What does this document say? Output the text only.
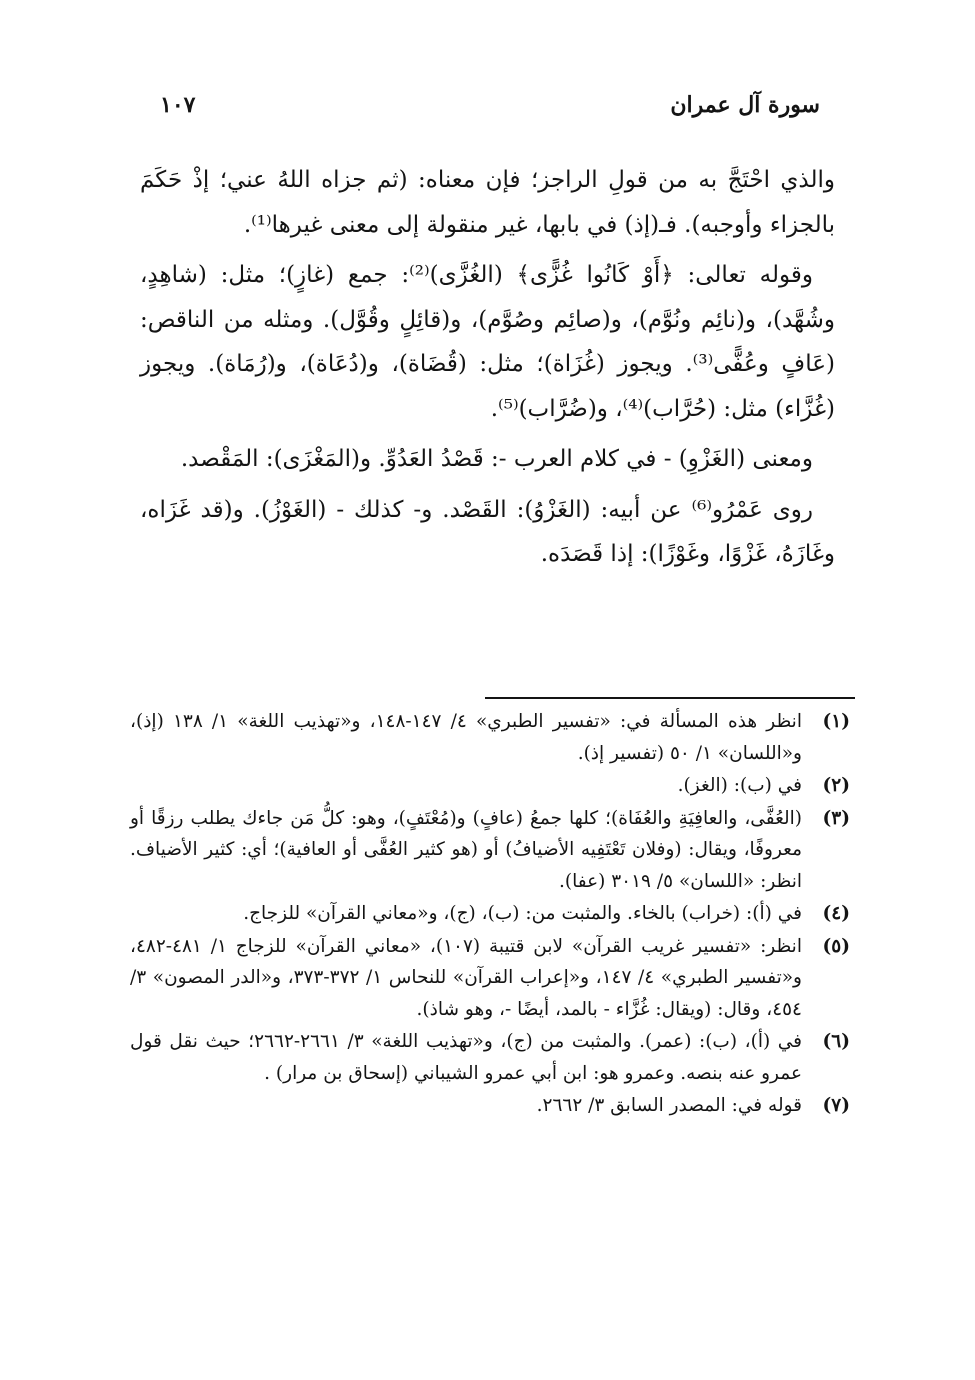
سورة آل عمران
١٠٧

والذي احْتَجَّ به من قولِ الراجز؛ فإن معناه: (ثم جزاه اللهُ عني؛ إذْ حَكَمَ بالجزاء وأوجبه). فـ(إذ) في بابها، غير منقولة إلى معنى غيرها⁽¹⁾.

وقوله تعالى: ﴿أَوْ كَانُوا غُزًّى﴾ (الغُزَّى)⁽²⁾: جمع (غازٍ)؛ مثل: (شاهِدٍ، وشُهَّد)، و(نائِم ونُوَّم)، و(صائِم وصُوَّم)، و(قائِلٍ وقُوَّل). ومثله من الناقص: (عَافٍ وعُفًّى⁽³⁾. ويجوز (غُزَاة)؛ مثل: (قُضَاة)، و(دُعَاة)، و(رُمَاة). ويجوز (غُزَّاء) مثل: (حُرَّاب)⁽⁴⁾، و(ضُرَّاب)⁽⁵⁾.

ومعنى (الغَزْوِ) - في كلام العرب -: قَصْدُ العَدُوِّ. و(المَغْزَى): المَقْصد.

روى عَمْرُو⁽⁶⁾ عن أبيه: (الغَزْوُ): القَصْد. و- كذلك - (الغَوْزُ). و(قد غَزَاه، وغَازَهُ، غَزْوًا، وغَوْزًا): إذا قَصَدَه.

(١)
انظر هذه المسألة في: «تفسير الطبري» ٤/ ١٤٧-١٤٨، و«تهذيب اللغة» ١/ ١٣٨ (إذ)، و«اللسان» ١/ ٥٠ (تفسير إذ).
(٢)
في (ب): (الغز).
(٣)
(العُفَّى، والعافِيَةِ والعُفَاة)؛ كلها جمعُ (عافٍ) و(مُعْتَفٍ)، وهو: كلُّ مَن جاءك يطلب رزقًا أو معروفًا، ويقال: (وفلان تَعْتَفِيه الأضيافُ) أو (هو كثير العُفَّى أو العافية)؛ أي: كثير الأضياف. انظر: «اللسان» ٥/ ٣٠١٩ (عفا).
(٤)
في (أ): (خراب) بالخاء. والمثبت من: (ب)، (ج)، و«معاني القرآن» للزجاج.
(٥)
انظر: «تفسير غريب القرآن» لابن قتيبة (١٠٧)، «معاني القرآن» للزجاج ١/ ٤٨١-٤٨٢، و«تفسير الطبري» ٤/ ١٤٧، و«إعراب القرآن» للنحاس ١/ ٣٧٢-٣٧٣، و«الدر المصون» ٣/ ٤٥٤، وقال: (ويقال: غُزَّاء - بالمد، أيضًا -، وهو شاذ).
(٦)
في (أ)، (ب): (عمر). والمثبت من (ج)، و«تهذيب اللغة» ٣/ ٢٦٦١-٢٦٦٢؛ حيث نقل قول عمرو عنه بنصه. وعمرو هو: ابن أبي عمرو الشيباني (إسحاق بن مرار) .
(٧)
قوله في: المصدر السابق ٣/ ٢٦٦٢.
